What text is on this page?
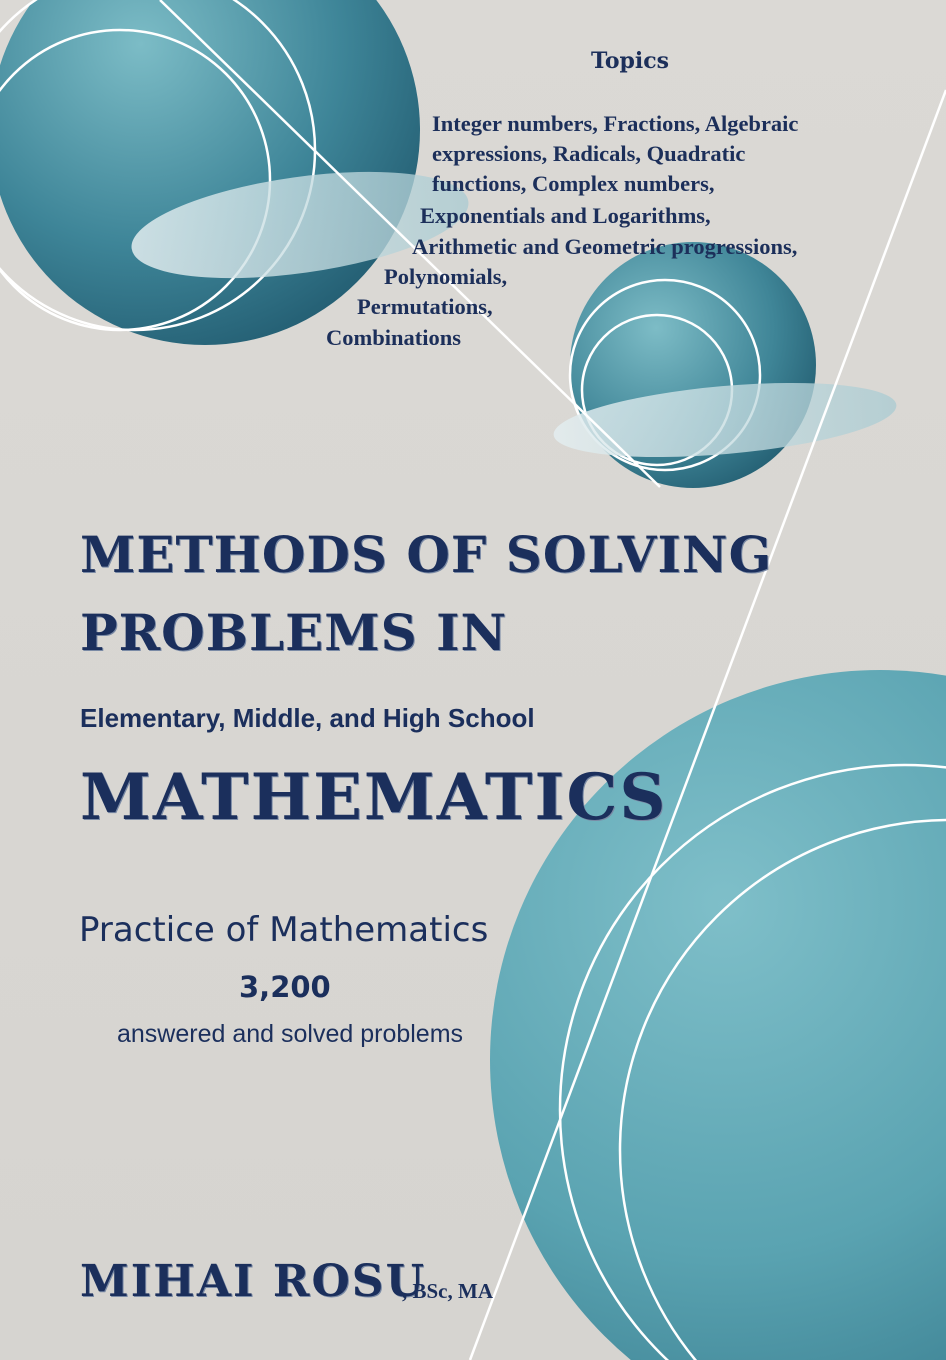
Topics
Integer numbers, Fractions, Algebraic
expressions, Radicals, Quadratic
functions, Complex numbers,
Exponentials and Logarithms,
Arithmetic and Geometric progressions,
Polynomials,
Permutations,
Combinations
METHODS OF SOLVING
PROBLEMS IN
Elementary, Middle, and High School
MATHEMATICS
Practice of Mathematics
3,200
answered and solved problems
MIHAI ROSU
, BSc, MA
